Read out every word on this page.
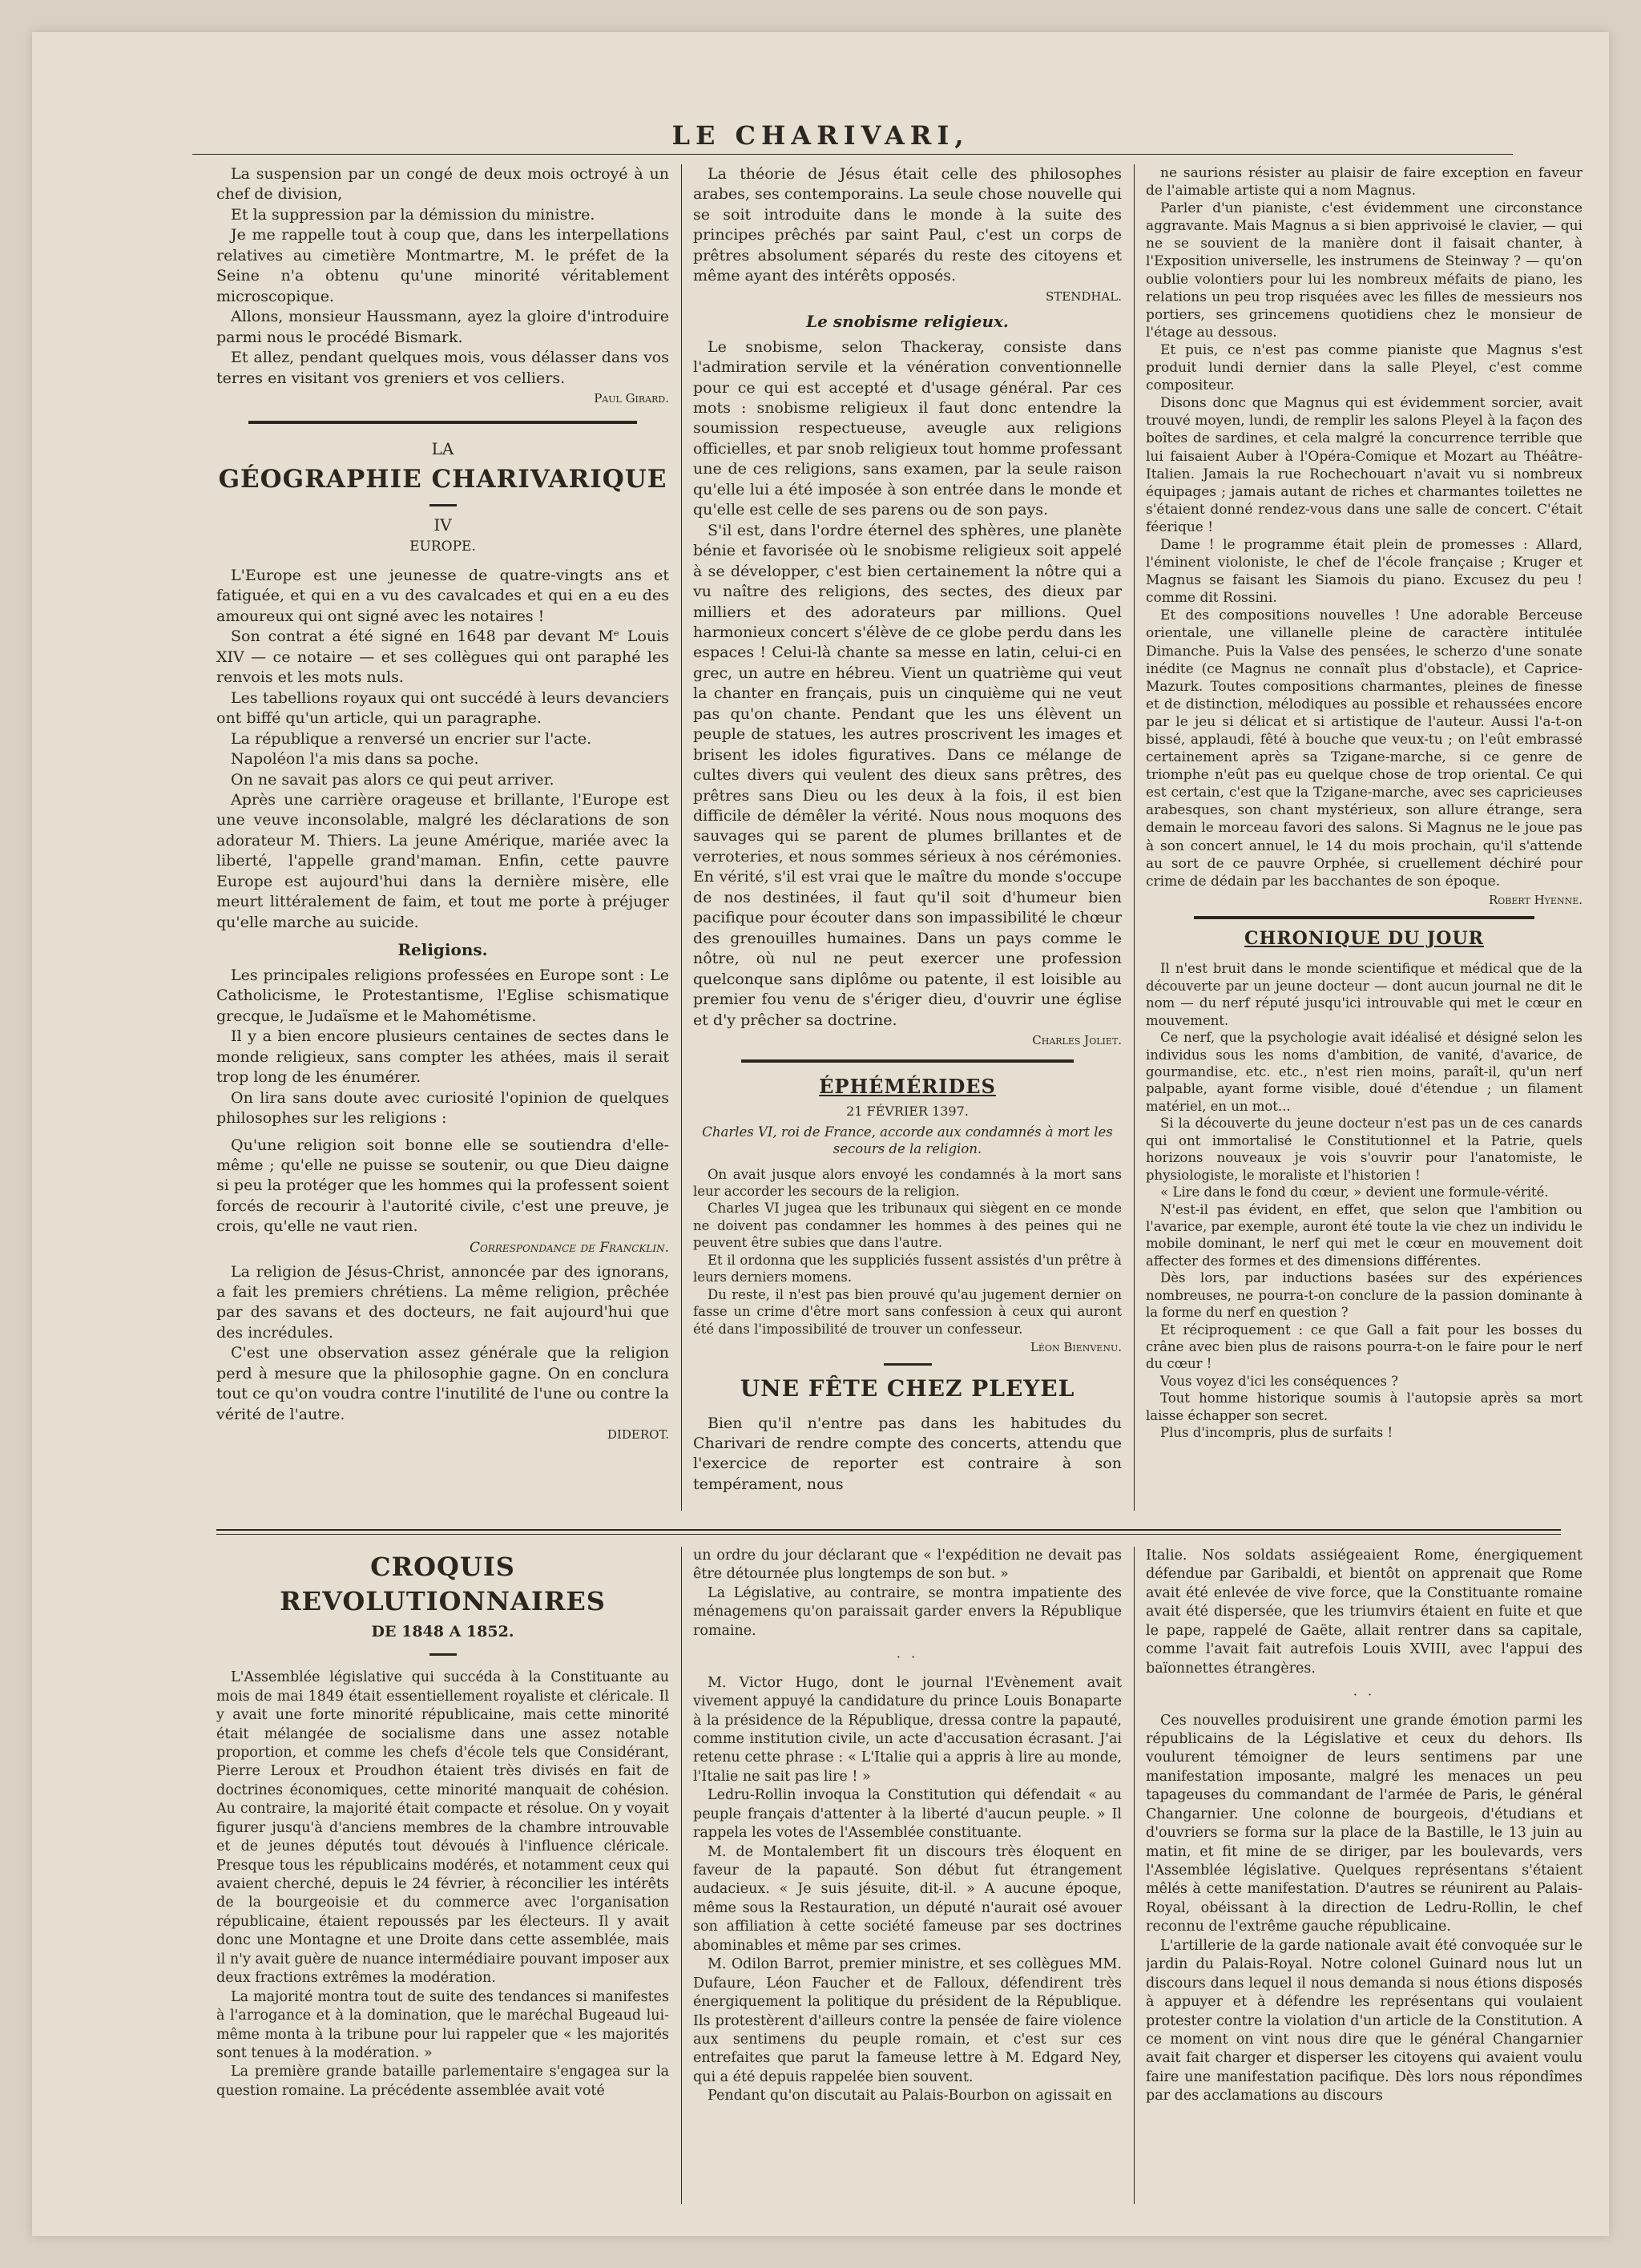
LE CHARIVARI,

La suspension par un congé de deux mois octroyé à un chef de division,

Et la suppression par la démission du ministre.

Je me rappelle tout à coup que, dans les interpellations relatives au cimetière Montmartre, M. le préfet de la Seine n'a obtenu qu'une minorité véritablement microscopique.

Allons, monsieur Haussmann, ayez la gloire d'introduire parmi nous le procédé Bismark.

Et allez, pendant quelques mois, vous délasser dans vos terres en visitant vos greniers et vos celliers.

Paul Girard.
LA
GÉOGRAPHIE CHARIVARIQUE
IV
EUROPE.

L'Europe est une jeunesse de quatre-vingts ans et fatiguée, et qui en a vu des cavalcades et qui en a eu des amoureux qui ont signé avec les notaires !

Son contrat a été signé en 1648 par devant Mᵉ Louis XIV — ce notaire — et ses collègues qui ont paraphé les renvois et les mots nuls.

Les tabellions royaux qui ont succédé à leurs devanciers ont biffé qu'un article, qui un paragraphe.

La république a renversé un encrier sur l'acte.

Napoléon l'a mis dans sa poche.

On ne savait pas alors ce qui peut arriver.

Après une carrière orageuse et brillante, l'Europe est une veuve inconsolable, malgré les déclarations de son adorateur M. Thiers. La jeune Amérique, mariée avec la liberté, l'appelle grand'maman. Enfin, cette pauvre Europe est aujourd'hui dans la dernière misère, elle meurt littéralement de faim, et tout me porte à préjuger qu'elle marche au suicide.

Religions.

Les principales religions professées en Europe sont : Le Catholicisme, le Protestantisme, l'Eglise schismatique grecque, le Judaïsme et le Mahométisme.

Il y a bien encore plusieurs centaines de sectes dans le monde religieux, sans compter les athées, mais il serait trop long de les énumérer.

On lira sans doute avec curiosité l'opinion de quelques philosophes sur les religions :

Qu'une religion soit bonne elle se soutiendra d'elle-même ; qu'elle ne puisse se soutenir, ou que Dieu daigne si peu la protéger que les hommes qui la professent soient forcés de recourir à l'autorité civile, c'est une preuve, je crois, qu'elle ne vaut rien.

Correspondance de Francklin.

La religion de Jésus-Christ, annoncée par des ignorans, a fait les premiers chrétiens. La même religion, prêchée par des savans et des docteurs, ne fait aujourd'hui que des incrédules.

C'est une observation assez générale que la religion perd à mesure que la philosophie gagne. On en conclura tout ce qu'on voudra contre l'inutilité de l'une ou contre la vérité de l'autre.

DIDEROT.

La théorie de Jésus était celle des philosophes arabes, ses contemporains. La seule chose nouvelle qui se soit introduite dans le monde à la suite des principes prêchés par saint Paul, c'est un corps de prêtres absolument séparés du reste des citoyens et même ayant des intérêts opposés.

STENDHAL.
Le snobisme religieux.

Le snobisme, selon Thackeray, consiste dans l'admiration servile et la vénération conventionnelle pour ce qui est accepté et d'usage général. Par ces mots : snobisme religieux il faut donc entendre la soumission respectueuse, aveugle aux religions officielles, et par snob religieux tout homme professant une de ces religions, sans examen, par la seule raison qu'elle lui a été imposée à son entrée dans le monde et qu'elle est celle de ses parens ou de son pays.

S'il est, dans l'ordre éternel des sphères, une planète bénie et favorisée où le snobisme religieux soit appelé à se développer, c'est bien certainement la nôtre qui a vu naître des religions, des sectes, des dieux par milliers et des adorateurs par millions. Quel harmonieux concert s'élève de ce globe perdu dans les espaces ! Celui-là chante sa messe en latin, celui-ci en grec, un autre en hébreu. Vient un quatrième qui veut la chanter en français, puis un cinquième qui ne veut pas qu'on chante. Pendant que les uns élèvent un peuple de statues, les autres proscrivent les images et brisent les idoles figuratives. Dans ce mélange de cultes divers qui veulent des dieux sans prêtres, des prêtres sans Dieu ou les deux à la fois, il est bien difficile de démêler la vérité. Nous nous moquons des sauvages qui se parent de plumes brillantes et de verroteries, et nous sommes sérieux à nos cérémonies. En vérité, s'il est vrai que le maître du monde s'occupe de nos destinées, il faut qu'il soit d'humeur bien pacifique pour écouter dans son impassibilité le chœur des grenouilles humaines. Dans un pays comme le nôtre, où nul ne peut exercer une profession quelconque sans diplôme ou patente, il est loisible au premier fou venu de s'ériger dieu, d'ouvrir une église et d'y prêcher sa doctrine.

Charles Joliet.
ÉPHÉMÉRIDES
21 FÉVRIER 1397.
Charles VI, roi de France, accorde aux condamnés à mort les secours de la religion.

On avait jusque alors envoyé les condamnés à la mort sans leur accorder les secours de la religion.

Charles VI jugea que les tribunaux qui siègent en ce monde ne doivent pas condamner les hommes à des peines qui ne peuvent être subies que dans l'autre.

Et il ordonna que les suppliciés fussent assistés d'un prêtre à leurs derniers momens.

Du reste, il n'est pas bien prouvé qu'au jugement dernier on fasse un crime d'être mort sans confession à ceux qui auront été dans l'impossibilité de trouver un confesseur.

Léon Bienvenu.
UNE FÊTE CHEZ PLEYEL

Bien qu'il n'entre pas dans les habitudes du Charivari de rendre compte des concerts, attendu que l'exercice de reporter est contraire à son tempérament, nous

ne saurions résister au plaisir de faire exception en faveur de l'aimable artiste qui a nom Magnus.

Parler d'un pianiste, c'est évidemment une circonstance aggravante. Mais Magnus a si bien apprivoisé le clavier, — qui ne se souvient de la manière dont il faisait chanter, à l'Exposition universelle, les instrumens de Steinway ? — qu'on oublie volontiers pour lui les nombreux méfaits de piano, les relations un peu trop risquées avec les filles de messieurs nos portiers, ses grincemens quotidiens chez le monsieur de l'étage au dessous.

Et puis, ce n'est pas comme pianiste que Magnus s'est produit lundi dernier dans la salle Pleyel, c'est comme compositeur.

Disons donc que Magnus qui est évidemment sorcier, avait trouvé moyen, lundi, de remplir les salons Pleyel à la façon des boîtes de sardines, et cela malgré la concurrence terrible que lui faisaient Auber à l'Opéra-Comique et Mozart au Théâtre-Italien. Jamais la rue Rochechouart n'avait vu si nombreux équipages ; jamais autant de riches et charmantes toilettes ne s'étaient donné rendez-vous dans une salle de concert. C'était féerique !

Dame ! le programme était plein de promesses : Allard, l'éminent violoniste, le chef de l'école française ; Kruger et Magnus se faisant les Siamois du piano. Excusez du peu ! comme dit Rossini.

Et des compositions nouvelles ! Une adorable Berceuse orientale, une villanelle pleine de caractère intitulée Dimanche. Puis la Valse des pensées, le scherzo d'une sonate inédite (ce Magnus ne connaît plus d'obstacle), et Caprice-Mazurk. Toutes compositions charmantes, pleines de finesse et de distinction, mélodiques au possible et rehaussées encore par le jeu si délicat et si artistique de l'auteur. Aussi l'a-t-on bissé, applaudi, fêté à bouche que veux-tu ; on l'eût embrassé certainement après sa Tzigane-marche, si ce genre de triomphe n'eût pas eu quelque chose de trop oriental. Ce qui est certain, c'est que la Tzigane-marche, avec ses capricieuses arabesques, son chant mystérieux, son allure étrange, sera demain le morceau favori des salons. Si Magnus ne le joue pas à son concert annuel, le 14 du mois prochain, qu'il s'attende au sort de ce pauvre Orphée, si cruellement déchiré pour crime de dédain par les bacchantes de son époque.

Robert Hyenne.
CHRONIQUE DU JOUR

Il n'est bruit dans le monde scientifique et médical que de la découverte par un jeune docteur — dont aucun journal ne dit le nom — du nerf réputé jusqu'ici introuvable qui met le cœur en mouvement.

Ce nerf, que la psychologie avait idéalisé et désigné selon les individus sous les noms d'ambition, de vanité, d'avarice, de gourmandise, etc. etc., n'est rien moins, paraît-il, qu'un nerf palpable, ayant forme visible, doué d'étendue ; un filament matériel, en un mot...

Si la découverte du jeune docteur n'est pas un de ces canards qui ont immortalisé le Constitutionnel et la Patrie, quels horizons nouveaux je vois s'ouvrir pour l'anatomiste, le physiologiste, le moraliste et l'historien !

« Lire dans le fond du cœur, » devient une formule-vérité.

N'est-il pas évident, en effet, que selon que l'ambition ou l'avarice, par exemple, auront été toute la vie chez un individu le mobile dominant, le nerf qui met le cœur en mouvement doit affecter des formes et des dimensions différentes.

Dès lors, par inductions basées sur des expériences nombreuses, ne pourra-t-on conclure de la passion dominante à la forme du nerf en question ?

Et réciproquement : ce que Gall a fait pour les bosses du crâne avec bien plus de raisons pourra-t-on le faire pour le nerf du cœur !

Vous voyez d'ici les conséquences ?

Tout homme historique soumis à l'autopsie après sa mort laisse échapper son secret.

Plus d'incompris, plus de surfaits !

CROQUIS REVOLUTIONNAIRES
DE 1848 A 1852.

L'Assemblée législative qui succéda à la Constituante au mois de mai 1849 était essentiellement royaliste et cléricale. Il y avait une forte minorité républicaine, mais cette minorité était mélangée de socialisme dans une assez notable proportion, et comme les chefs d'école tels que Considérant, Pierre Leroux et Proudhon étaient très divisés en fait de doctrines économiques, cette minorité manquait de cohésion. Au contraire, la majorité était compacte et résolue. On y voyait figurer jusqu'à d'anciens membres de la chambre introuvable et de jeunes députés tout dévoués à l'influence cléricale. Presque tous les républicains modérés, et notamment ceux qui avaient cherché, depuis le 24 février, à réconcilier les intérêts de la bourgeoisie et du commerce avec l'organisation républicaine, étaient repoussés par les électeurs. Il y avait donc une Montagne et une Droite dans cette assemblée, mais il n'y avait guère de nuance intermédiaire pouvant imposer aux deux fractions extrêmes la modération.

La majorité montra tout de suite des tendances si manifestes à l'arrogance et à la domination, que le maréchal Bugeaud lui-même monta à la tribune pour lui rappeler que « les majorités sont tenues à la modération. »

La première grande bataille parlementaire s'engagea sur la question romaine. La précédente assemblée avait voté

un ordre du jour déclarant que « l'expédition ne devait pas être détournée plus longtemps de son but. »

La Législative, au contraire, se montra impatiente des ménagemens qu'on paraissait garder envers la République romaine.

· ·

M. Victor Hugo, dont le journal l'Evènement avait vivement appuyé la candidature du prince Louis Bonaparte à la présidence de la République, dressa contre la papauté, comme institution civile, un acte d'accusation écrasant. J'ai retenu cette phrase : « L'Italie qui a appris à lire au monde, l'Italie ne sait pas lire ! »

Ledru-Rollin invoqua la Constitution qui défendait « au peuple français d'attenter à la liberté d'aucun peuple. » Il rappela les votes de l'Assemblée constituante.

M. de Montalembert fit un discours très éloquent en faveur de la papauté. Son début fut étrangement audacieux. « Je suis jésuite, dit-il. » A aucune époque, même sous la Restauration, un député n'aurait osé avouer son affiliation à cette société fameuse par ses doctrines abominables et même par ses crimes.

M. Odilon Barrot, premier ministre, et ses collègues MM. Dufaure, Léon Faucher et de Falloux, défendirent très énergiquement la politique du président de la République. Ils protestèrent d'ailleurs contre la pensée de faire violence aux sentimens du peuple romain, et c'est sur ces entrefaites que parut la fameuse lettre à M. Edgard Ney, qui a été depuis rappelée bien souvent.

Pendant qu'on discutait au Palais-Bourbon on agissait en

Italie. Nos soldats assiégeaient Rome, énergiquement défendue par Garibaldi, et bientôt on apprenait que Rome avait été enlevée de vive force, que la Constituante romaine avait été dispersée, que les triumvirs étaient en fuite et que le pape, rappelé de Gaëte, allait rentrer dans sa capitale, comme l'avait fait autrefois Louis XVIII, avec l'appui des baïonnettes étrangères.

· ·

Ces nouvelles produisirent une grande émotion parmi les républicains de la Législative et ceux du dehors. Ils voulurent témoigner de leurs sentimens par une manifestation imposante, malgré les menaces un peu tapageuses du commandant de l'armée de Paris, le général Changarnier. Une colonne de bourgeois, d'étudians et d'ouvriers se forma sur la place de la Bastille, le 13 juin au matin, et fit mine de se diriger, par les boulevards, vers l'Assemblée législative. Quelques représentans s'étaient mêlés à cette manifestation. D'autres se réunirent au Palais-Royal, obéissant à la direction de Ledru-Rollin, le chef reconnu de l'extrême gauche républicaine.

L'artillerie de la garde nationale avait été convoquée sur le jardin du Palais-Royal. Notre colonel Guinard nous lut un discours dans lequel il nous demanda si nous étions disposés à appuyer et à défendre les représentans qui voulaient protester contre la violation d'un article de la Constitution. A ce moment on vint nous dire que le général Changarnier avait fait charger et disperser les citoyens qui avaient voulu faire une manifestation pacifique. Dès lors nous répondîmes par des acclamations au discours
